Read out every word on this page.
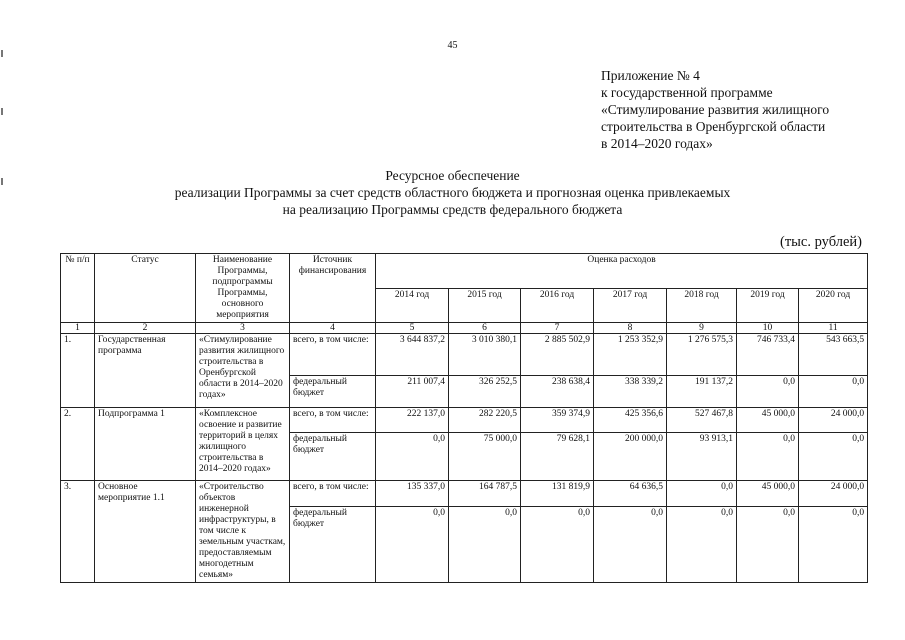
45
Приложение № 4
к государственной программе
«Стимулирование развития жилищного
строительства в Оренбургской области
в 2014–2020 годах»
Ресурсное обеспечение
реализации Программы за счет средств областного бюджета и прогнозная оценка привлекаемых
на реализацию Программы средств федерального бюджета
(тыс. рублей)
№ п/п	Статус	Наименование Программы, подпрограммы Программы, основного мероприятия	Источник финансирования	Оценка расходов						
				2014 год	2015 год	2016 год	2017 год	2018 год	2019 год	2020 год
1	2	3	4	5	6	7	8	9	10	11
1.	Государственная программа	«Стимулирование развития жилищного строительства в Оренбургской области в 2014–2020 годах»	всего, в том числе:	3 644 837,2	3 010 380,1	2 885 502,9	1 253 352,9	1 276 575,3	746 733,4	543 663,5
			федеральный бюджет	211 007,4	326 252,5	238 638,4	338 339,2	191 137,2	0,0	0,0
2.	Подпрограмма 1	«Комплексное освоение и развитие территорий в целях жилищного строительства в 2014–2020 годах»	всего, в том числе:	222 137,0	282 220,5	359 374,9	425 356,6	527 467,8	45 000,0	24 000,0
			федеральный бюджет	0,0	75 000,0	79 628,1	200 000,0	93 913,1	0,0	0,0
3.	Основное мероприятие 1.1	«Строительство объектов инженерной инфраструктуры, в том числе к земельным участкам, предоставляемым многодетным семьям»	всего, в том числе:	135 337,0	164 787,5	131 819,9	64 636,5	0,0	45 000,0	24 000,0
			федеральный бюджет	0,0	0,0	0,0	0,0	0,0	0,0	0,0
